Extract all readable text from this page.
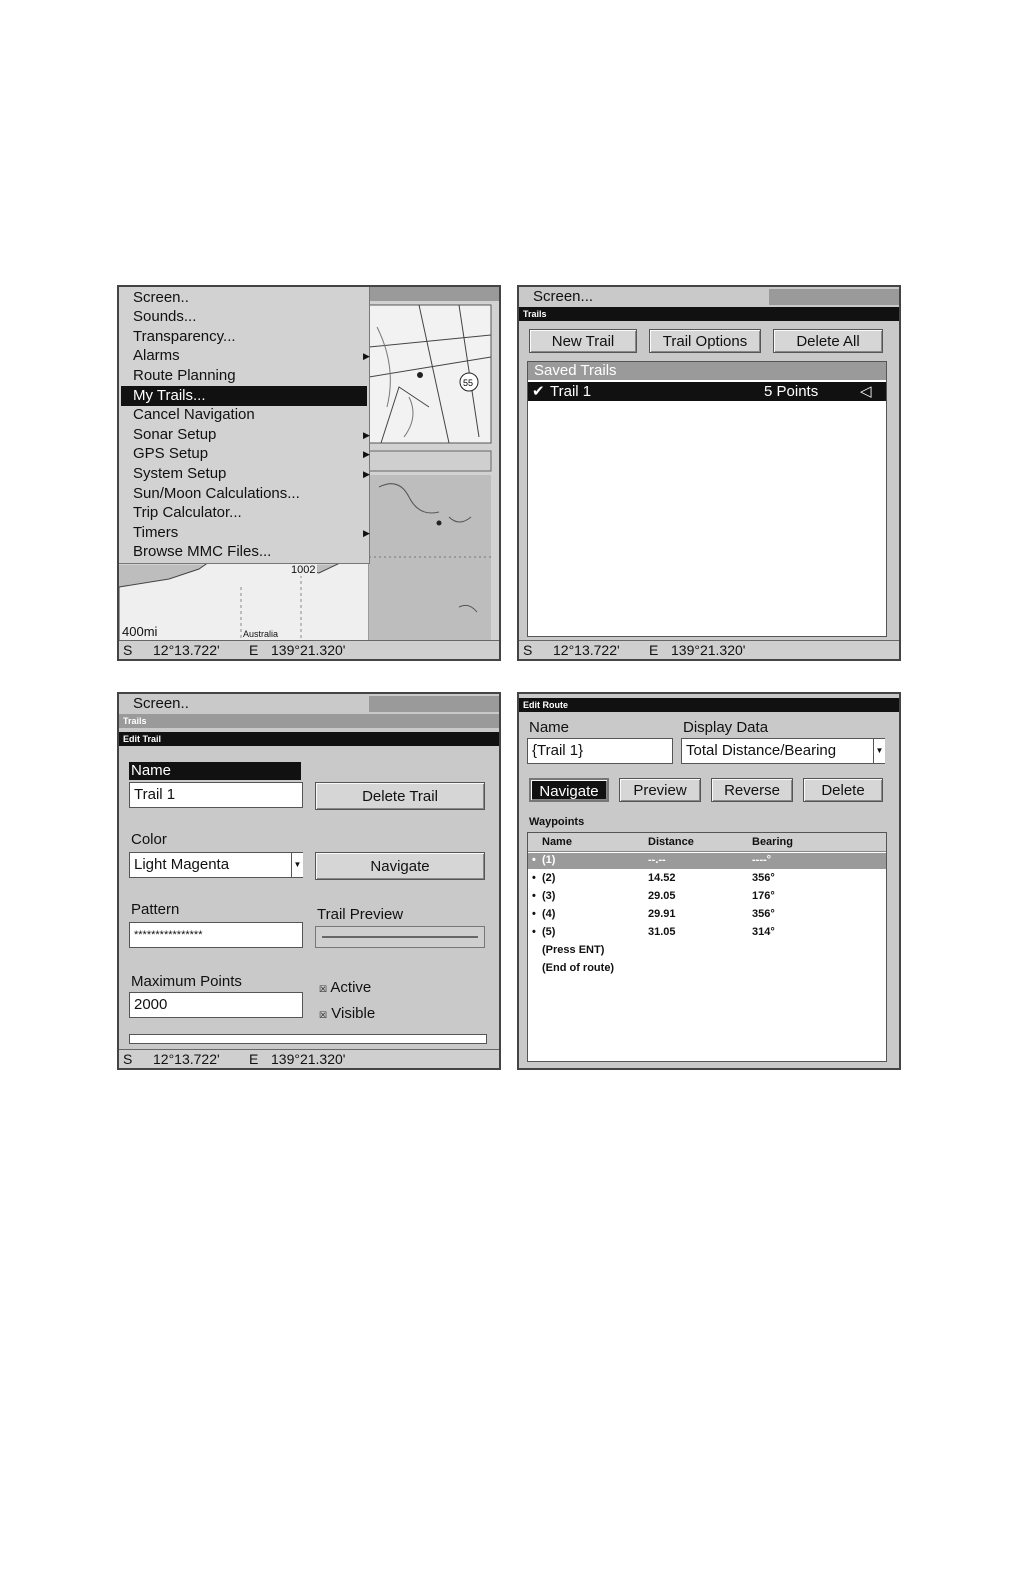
55
1002
400mi	Australia
Screen..
Sounds...
Transparency...
Alarms	▶
Route Planning
My Trails...
Cancel Navigation
Sonar Setup	▶
GPS Setup	▶
System Setup	▶
Sun/Moon Calculations...
Trip Calculator...
Timers	▶
Browse MMC Files...
S 12°13.722' E 139°21.320'
Screen...
Trails
New Trail	Trail Options	Delete All
Saved Trails
✔ Trail 1	5 Points	◁
S 12°13.722' E 139°21.320'
Screen..
Trails
Edit Trail
Name
Trail 1	Delete Trail
Color
Light Magenta	▼	Navigate
Pattern
****************
Trail Preview
Maximum Points
2000
☒ Active
☒ Visible
S 12°13.722' E 139°21.320'
Edit Route
Name	Display Data
{Trail 1}	Total Distance/Bearing	▼
Navigate	Preview	Reverse	Delete
Waypoints
Name	Distance	Bearing
• (1)	--.--	----°
• (2)	14.52	356°
• (3)	29.05	176°
• (4)	29.91	356°
• (5)	31.05	314°
(Press ENT)
(End of route)
